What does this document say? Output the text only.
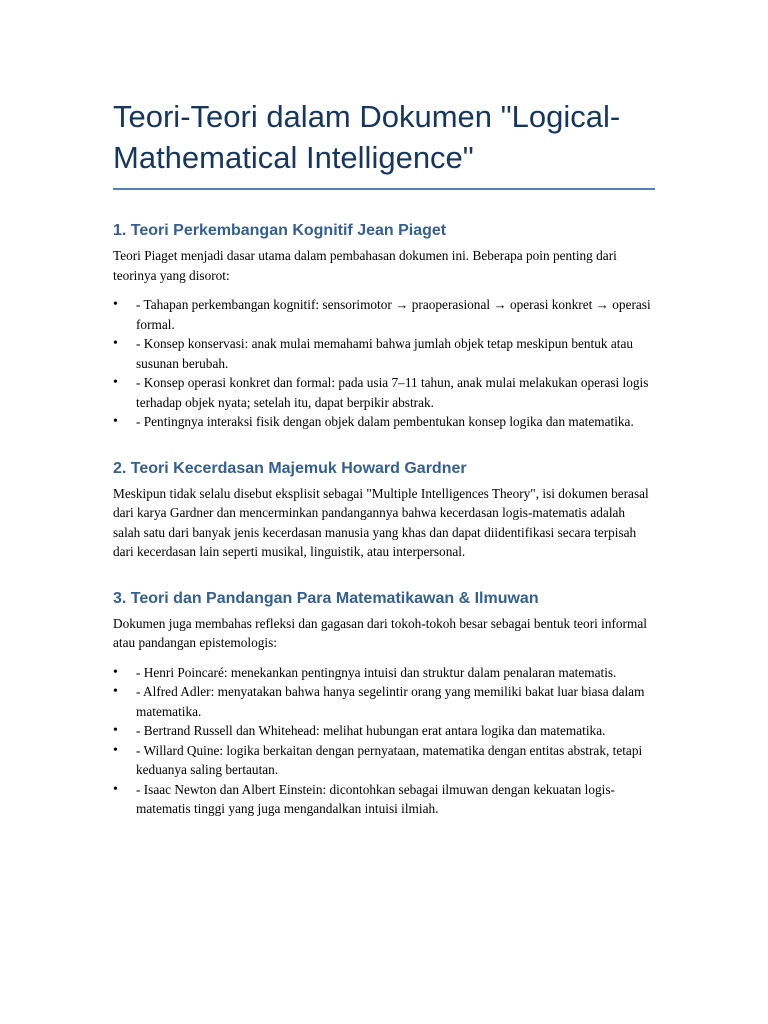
Teori-Teori dalam Dokumen "Logical-Mathematical Intelligence"
1. Teori Perkembangan Kognitif Jean Piaget

Teori Piaget menjadi dasar utama dalam pembahasan dokumen ini. Beberapa poin penting dari teorinya yang disorot:

• - Tahapan perkembangan kognitif: sensorimotor → praoperasional → operasi konkret → operasi formal.
• - Konsep konservasi: anak mulai memahami bahwa jumlah objek tetap meskipun bentuk atau susunan berubah.
• - Konsep operasi konkret dan formal: pada usia 7–11 tahun, anak mulai melakukan operasi logis terhadap objek nyata; setelah itu, dapat berpikir abstrak.
• - Pentingnya interaksi fisik dengan objek dalam pembentukan konsep logika dan matematika.
2. Teori Kecerdasan Majemuk Howard Gardner

Meskipun tidak selalu disebut eksplisit sebagai "Multiple Intelligences Theory", isi dokumen berasal dari karya Gardner dan mencerminkan pandangannya bahwa kecerdasan logis-matematis adalah salah satu dari banyak jenis kecerdasan manusia yang khas dan dapat diidentifikasi secara terpisah dari kecerdasan lain seperti musikal, linguistik, atau interpersonal.

3. Teori dan Pandangan Para Matematikawan & Ilmuwan

Dokumen juga membahas refleksi dan gagasan dari tokoh-tokoh besar sebagai bentuk teori informal atau pandangan epistemologis:

• - Henri Poincaré: menekankan pentingnya intuisi dan struktur dalam penalaran matematis.
• - Alfred Adler: menyatakan bahwa hanya segelintir orang yang memiliki bakat luar biasa dalam matematika.
• - Bertrand Russell dan Whitehead: melihat hubungan erat antara logika dan matematika.
• - Willard Quine: logika berkaitan dengan pernyataan, matematika dengan entitas abstrak, tetapi keduanya saling bertautan.
• - Isaac Newton dan Albert Einstein: dicontohkan sebagai ilmuwan dengan kekuatan logis-matematis tinggi yang juga mengandalkan intuisi ilmiah.
